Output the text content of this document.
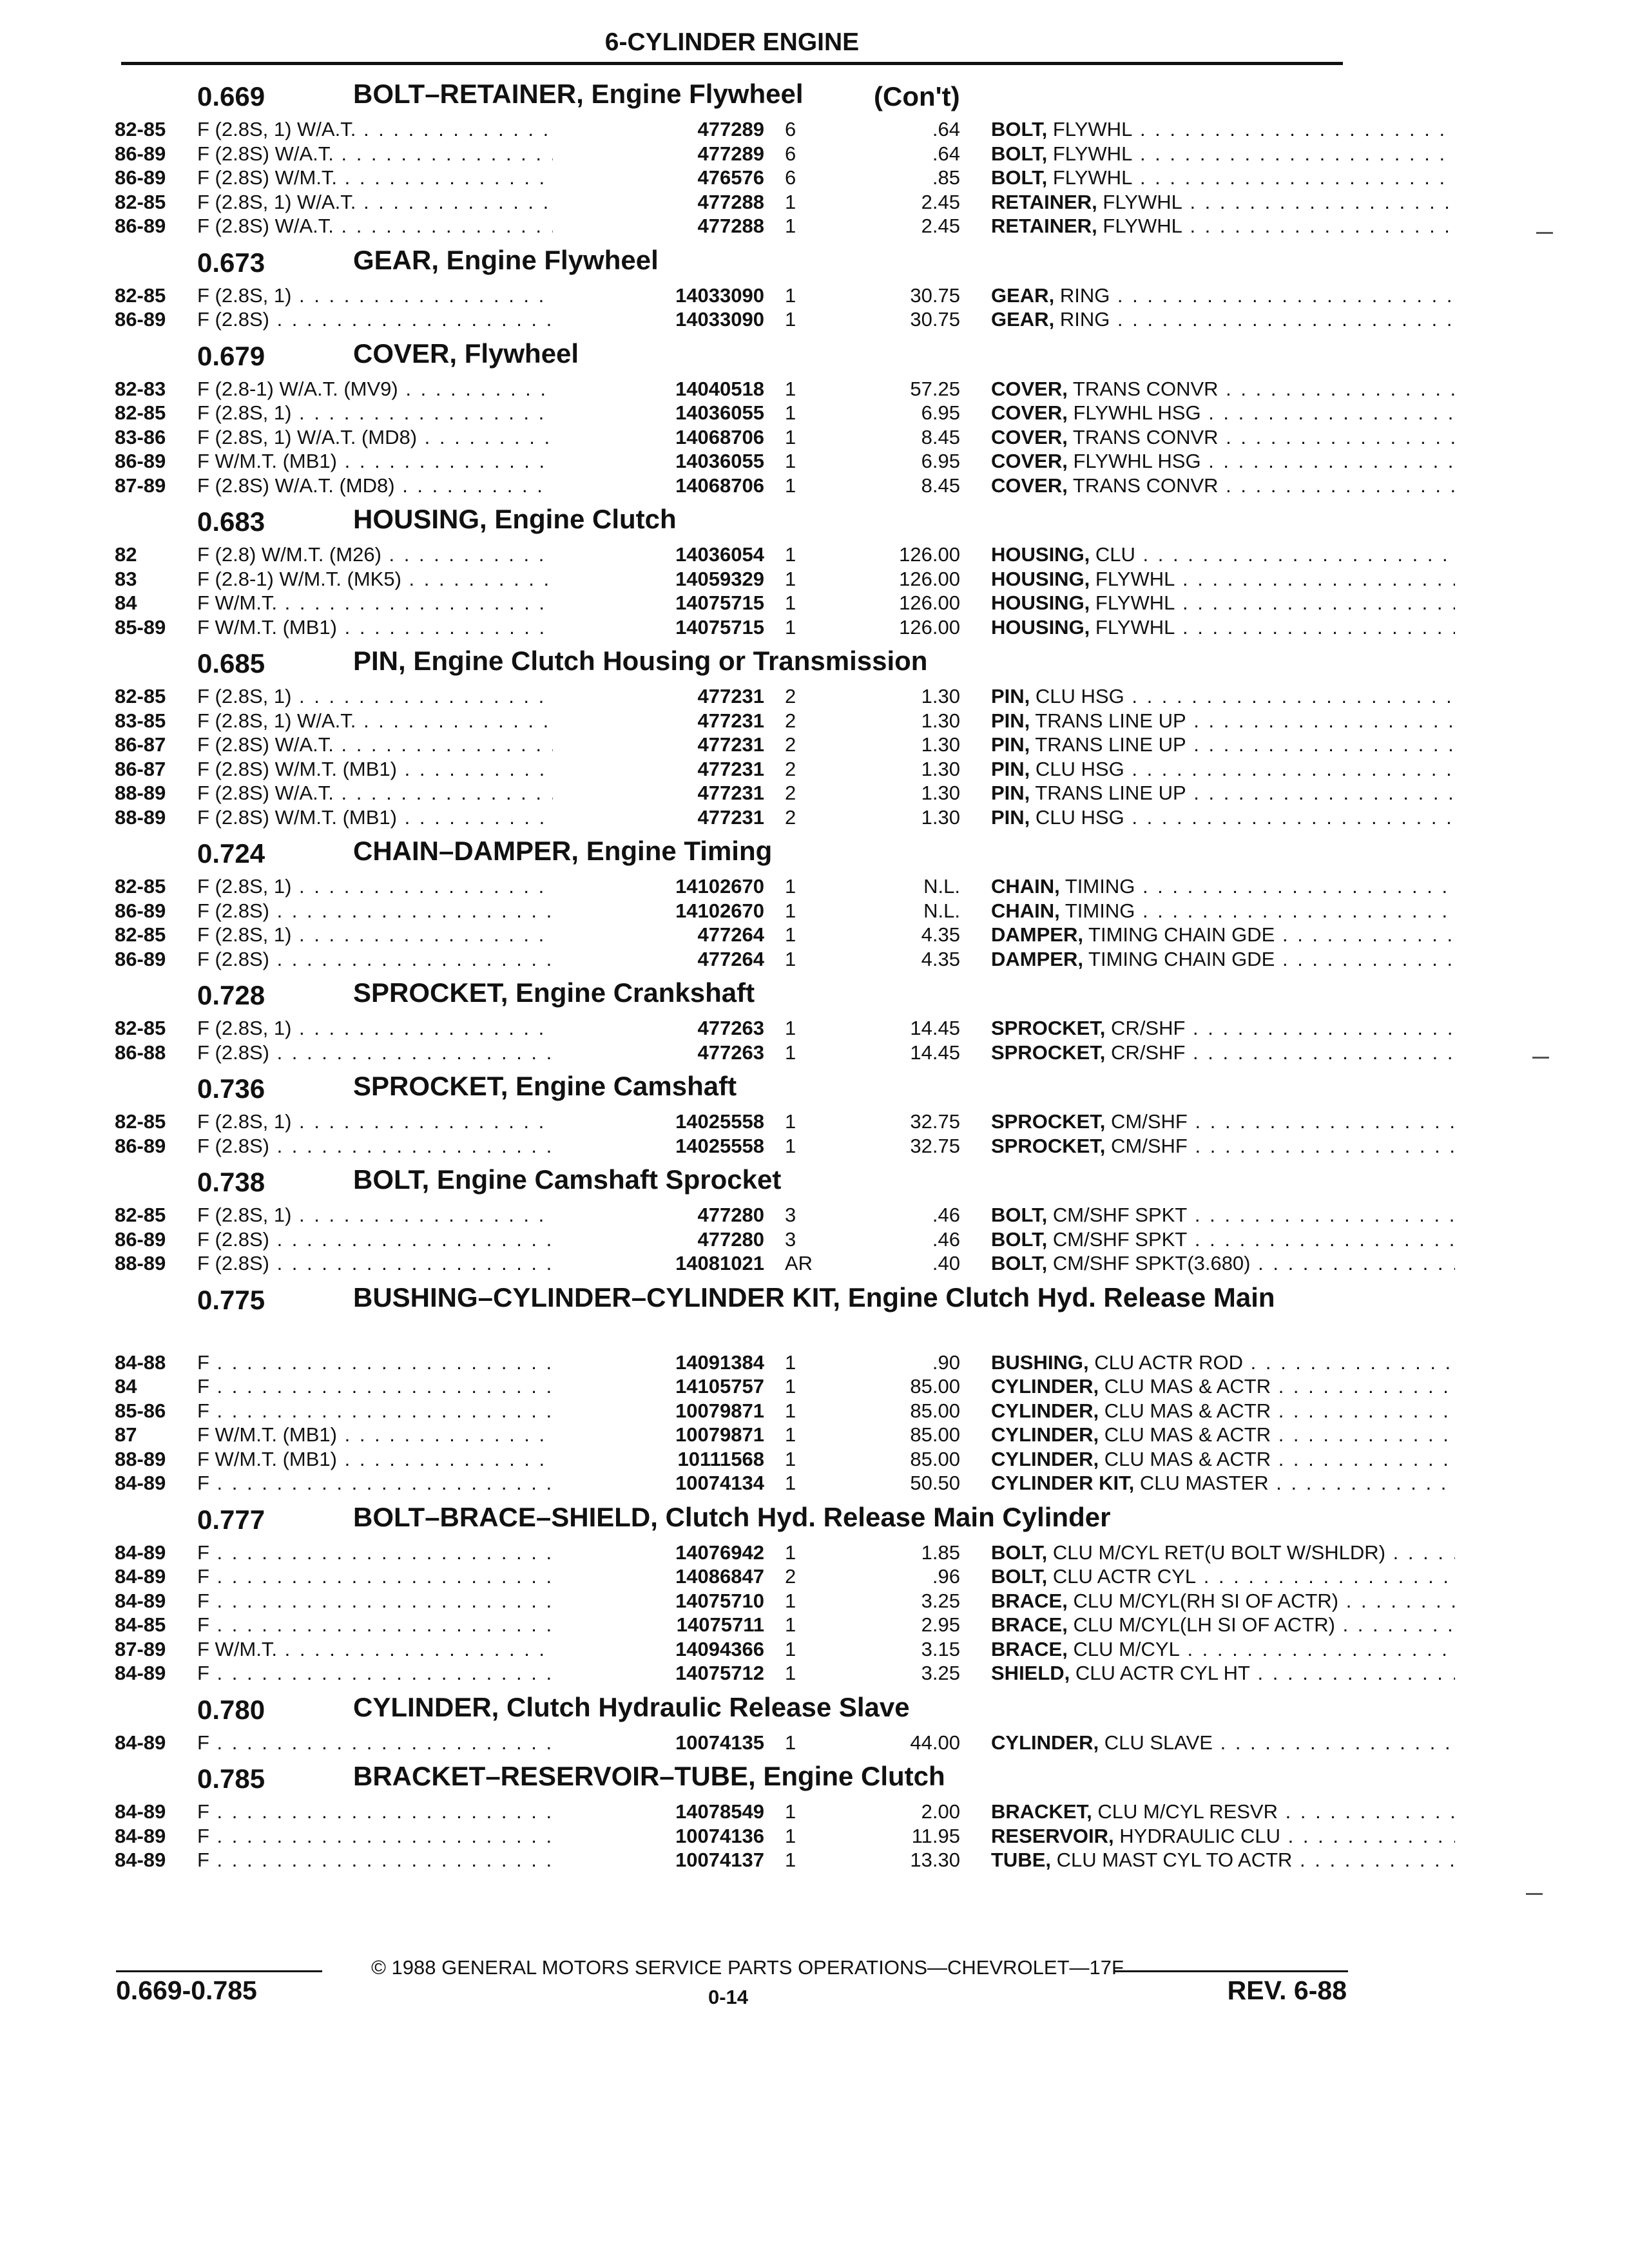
6-CYLINDER ENGINE
0.669	BOLT–RETAINER, Engine Flywheel	(Con't)
82-85	F (2.8S, 1) W/A.T. . . .	477289 6	.64 BOLT, FLYWHL . . .
86-89	F (2.8S) W/A.T. . . .	477289 6	.64 BOLT, FLYWHL . . .
86-89	F (2.8S) W/M.T. . . .	476576 6	.85 BOLT, FLYWHL . . .
82-85	F (2.8S, 1) W/A.T. . . .	477288 1	2.45 RETAINER, FLYWHL . . .
86-89	F (2.8S) W/A.T. . . .	477288 1	2.45 RETAINER, FLYWHL . . .
0.673	GEAR, Engine Flywheel
82-85	F (2.8S, 1) . . .	14033090 1	30.75 GEAR, RING . . .
86-89	F (2.8S) . . .	14033090 1	30.75 GEAR, RING . . .
0.679	COVER, Flywheel
82-83	F (2.8-1) W/A.T. (MV9) . . .	14040518 1	57.25 COVER, TRANS CONVR . . .
82-85	F (2.8S, 1) . . .	14036055 1	6.95 COVER, FLYWHL HSG . . .
83-86	F (2.8S, 1) W/A.T. (MD8) . . .	14068706 1	8.45 COVER, TRANS CONVR . . .
86-89	F W/M.T. (MB1) . . .	14036055 1	6.95 COVER, FLYWHL HSG . . .
87-89	F (2.8S) W/A.T. (MD8) . . .	14068706 1	8.45 COVER, TRANS CONVR . . .
0.683	HOUSING, Engine Clutch
82	F (2.8) W/M.T. (M26) . . .	14036054 1	126.00 HOUSING, CLU . . .
83	F (2.8-1) W/M.T. (MK5) . . .	14059329 1	126.00 HOUSING, FLYWHL . . .
84	F W/M.T. . . .	14075715 1	126.00 HOUSING, FLYWHL . . .
85-89	F W/M.T. (MB1) . . .	14075715 1	126.00 HOUSING, FLYWHL . . .
0.685	PIN, Engine Clutch Housing or Transmission
82-85	F (2.8S, 1) . . .	477231 2	1.30 PIN, CLU HSG . . .
83-85	F (2.8S, 1) W/A.T. . . .	477231 2	1.30 PIN, TRANS LINE UP . . .
86-87	F (2.8S) W/A.T. . . .	477231 2	1.30 PIN, TRANS LINE UP . . .
86-87	F (2.8S) W/M.T. (MB1) . . .	477231 2	1.30 PIN, CLU HSG . . .
88-89	F (2.8S) W/A.T. . . .	477231 2	1.30 PIN, TRANS LINE UP . . .
88-89	F (2.8S) W/M.T. (MB1) . . .	477231 2	1.30 PIN, CLU HSG . . .
0.724	CHAIN–DAMPER, Engine Timing
82-85	F (2.8S, 1) . . .	14102670 1	N.L. CHAIN, TIMING . . .
86-89	F (2.8S) . . .	14102670 1	N.L. CHAIN, TIMING . . .
82-85	F (2.8S, 1) . . .	477264 1	4.35 DAMPER, TIMING CHAIN GDE . . .
86-89	F (2.8S) . . .	477264 1	4.35 DAMPER, TIMING CHAIN GDE . . .
0.728	SPROCKET, Engine Crankshaft
82-85	F (2.8S, 1) . . .	477263 1	14.45 SPROCKET, CR/SHF . . .
86-88	F (2.8S) . . .	477263 1	14.45 SPROCKET, CR/SHF . . .
0.736	SPROCKET, Engine Camshaft
82-85	F (2.8S, 1) . . .	14025558 1	32.75 SPROCKET, CM/SHF . . .
86-89	F (2.8S) . . .	14025558 1	32.75 SPROCKET, CM/SHF . . .
0.738	BOLT, Engine Camshaft Sprocket
82-85	F (2.8S, 1) . . .	477280 3	.46 BOLT, CM/SHF SPKT . . .
86-89	F (2.8S) . . .	477280 3	.46 BOLT, CM/SHF SPKT . . .
88-89	F (2.8S) . . .	14081021 AR	.40 BOLT, CM/SHF SPKT(3.680) . . .
0.775	BUSHING–CYLINDER–CYLINDER KIT, Engine Clutch Hyd. Release Main
84-88	F . . .	14091384 1	.90 BUSHING, CLU ACTR ROD . . .
84	F . . .	14105757 1	85.00 CYLINDER, CLU MAS & ACTR . . .
85-86	F . . .	10079871 1	85.00 CYLINDER, CLU MAS & ACTR . . .
87	F W/M.T. (MB1) . . .	10079871 1	85.00 CYLINDER, CLU MAS & ACTR . . .
88-89	F W/M.T. (MB1) . . .	10111568 1	85.00 CYLINDER, CLU MAS & ACTR . . .
84-89	F . . .	10074134 1	50.50 CYLINDER KIT, CLU MASTER . . .
0.777	BOLT–BRACE–SHIELD, Clutch Hyd. Release Main Cylinder
84-89	F . . .	14076942 1	1.85 BOLT, CLU M/CYL RET(U BOLT W/SHLDR) . . .
84-89	F . . .	14086847 2	.96 BOLT, CLU ACTR CYL . . .
84-89	F . . .	14075710 1	3.25 BRACE, CLU M/CYL(RH SI OF ACTR) . . .
84-85	F . . .	14075711 1	2.95 BRACE, CLU M/CYL(LH SI OF ACTR) . . .
87-89	F W/M.T. . . .	14094366 1	3.15 BRACE, CLU M/CYL . . .
84-89	F . . .	14075712 1	3.25 SHIELD, CLU ACTR CYL HT . . .
0.780	CYLINDER, Clutch Hydraulic Release Slave
84-89	F . . .	10074135 1	44.00 CYLINDER, CLU SLAVE . . .
0.785	BRACKET–RESERVOIR–TUBE, Engine Clutch
84-89	F . . .	14078549 1	2.00 BRACKET, CLU M/CYL RESVR . . .
84-89	F . . .	10074136 1	11.95 RESERVOIR, HYDRAULIC CLU . . .
84-89	F . . .	10074137 1	13.30 TUBE, CLU MAST CYL TO ACTR . . .
© 1988 GENERAL MOTORS SERVICE PARTS OPERATIONS—CHEVROLET—17F
0.669-0.785	0-14	REV. 6-88
